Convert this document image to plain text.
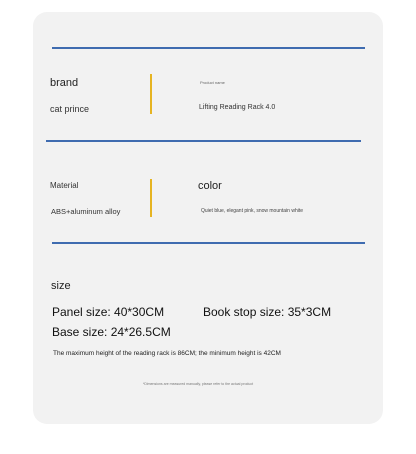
brand	Product name
cat prince	Lifting Reading Rack 4.0
Material	color
ABS+aluminum alloy	Quiet blue, elegant pink, snow mountain white
size
Panel size: 40*30CM	Book stop size: 35*3CM
Base size: 24*26.5CM
The maximum height of the reading rack is 86CM; the minimum height is 42CM
*Dimensions are measured manually, please refer to the actual product
